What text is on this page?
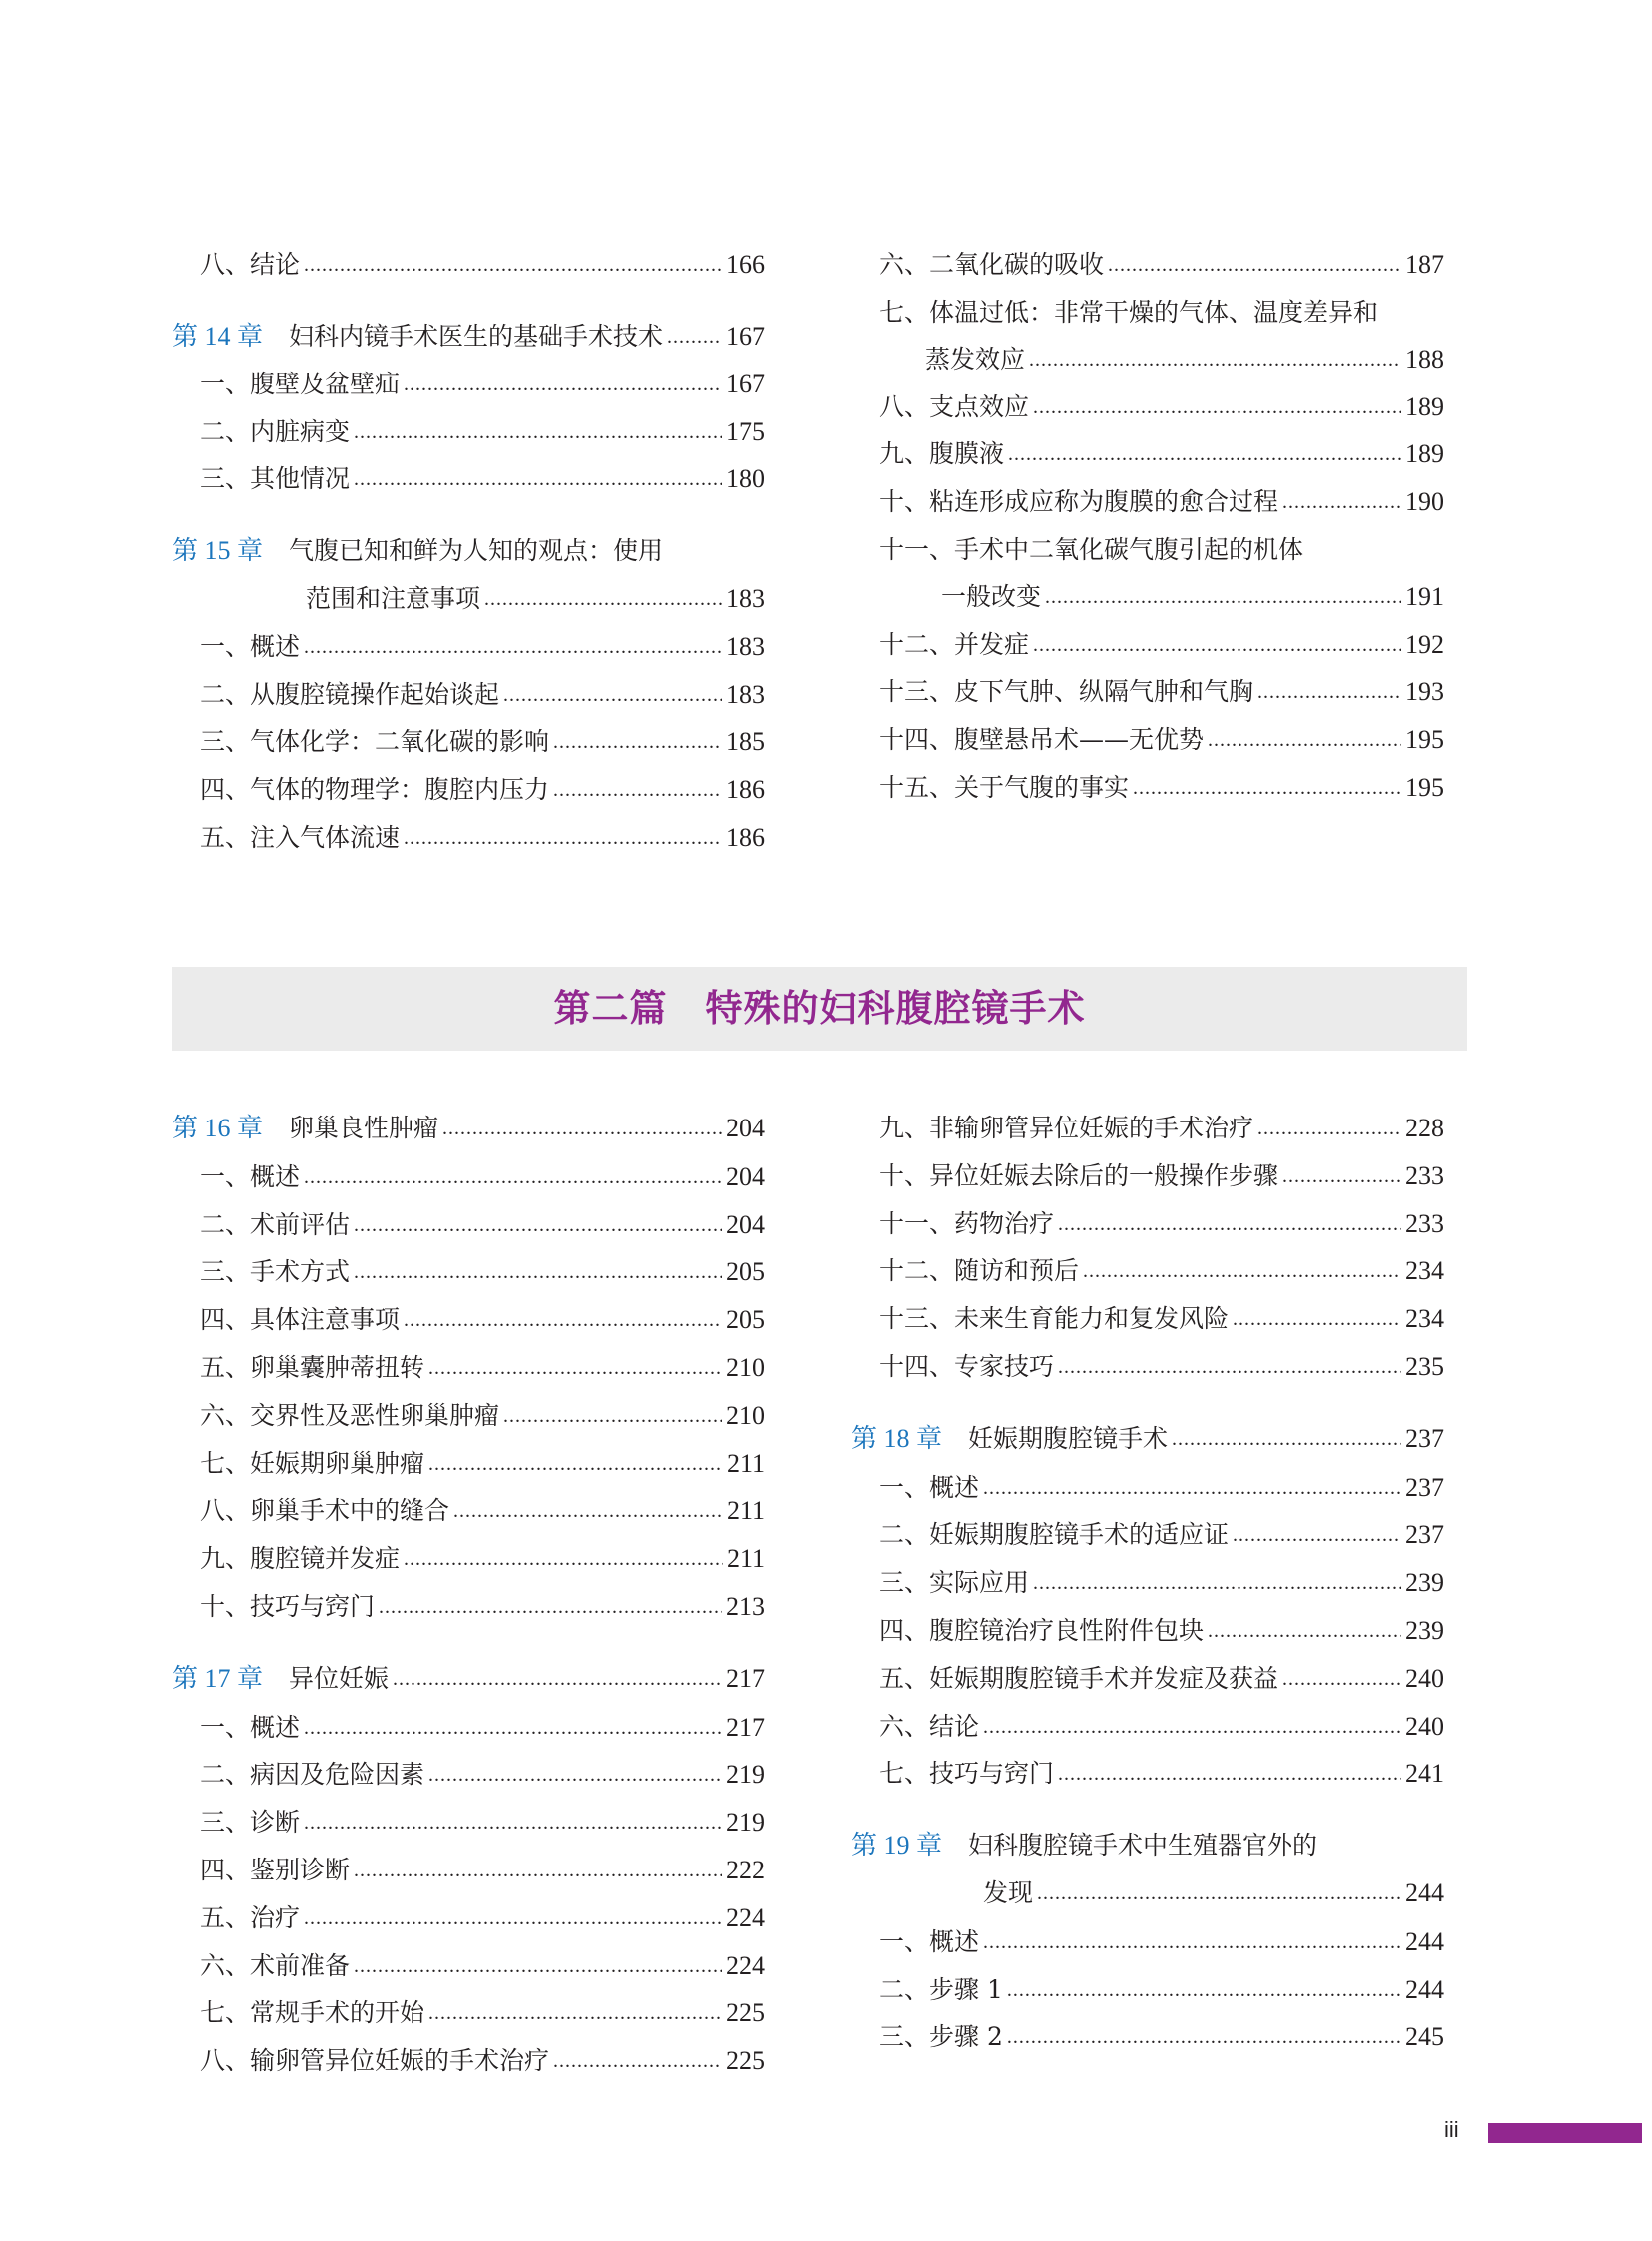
八、结论 .....	166
第 14 章 妇科内镜手术医生的基础手术技术 ..... 167
一、腹壁及盆壁疝 .....	167
二、内脏病变 .....	175
三、其他情况 .....	180
第 15 章 气腹已知和鲜为人知的观点：使用
范围和注意事项 .....	183
一、概述 .....	183
二、从腹腔镜操作起始谈起 .....	183
三、气体化学：二氧化碳的影响 .....	185
四、气体的物理学：腹腔内压力 .....	186
五、注入气体流速 .....	186
六、二氧化碳的吸收 .....	187
七、体温过低：非常干燥的气体、温度差异和
蒸发效应 .....	188
八、支点效应 .....	189
九、腹膜液 .....	189
十、粘连形成应称为腹膜的愈合过程 .....	190
十一、手术中二氧化碳气腹引起的机体
一般改变 .....	191
十二、并发症 .....	192
十三、皮下气肿、纵隔气肿和气胸 .....	193
十四、腹壁悬吊术——无优势 .....	195
十五、关于气腹的事实 .....	195
第二篇　特殊的妇科腹腔镜手术
第 16 章 卵巢良性肿瘤 .....	204
一、概述 .....	204
二、术前评估 .....	204
三、手术方式 .....	205
四、具体注意事项 .....	205
五、卵巢囊肿蒂扭转 .....	210
六、交界性及恶性卵巢肿瘤 .....	210
七、妊娠期卵巢肿瘤 .....	211
八、卵巢手术中的缝合 .....	211
九、腹腔镜并发症 .....	211
十、技巧与窍门 .....	213
第 17 章 异位妊娠 .....	217
一、概述 .....	217
二、病因及危险因素 .....	219
三、诊断 .....	219
四、鉴别诊断 .....	222
五、治疗 .....	224
六、术前准备 .....	224
七、常规手术的开始 .....	225
八、输卵管异位妊娠的手术治疗 .....	225
九、非输卵管异位妊娠的手术治疗 .....	228
十、异位妊娠去除后的一般操作步骤 .....	233
十一、药物治疗 .....	233
十二、随访和预后 .....	234
十三、未来生育能力和复发风险 .....	234
十四、专家技巧 .....	235
第 18 章 妊娠期腹腔镜手术 .....	237
一、概述 .....	237
二、妊娠期腹腔镜手术的适应证 .....	237
三、实际应用 .....	239
四、腹腔镜治疗良性附件包块 .....	239
五、妊娠期腹腔镜手术并发症及获益 .....	240
六、结论 .....	240
七、技巧与窍门 .....	241
第 19 章 妇科腹腔镜手术中生殖器官外的
发现 .....	244
一、概述 .....	244
二、步骤 1 .....	244
三、步骤 2 .....	245
iii
